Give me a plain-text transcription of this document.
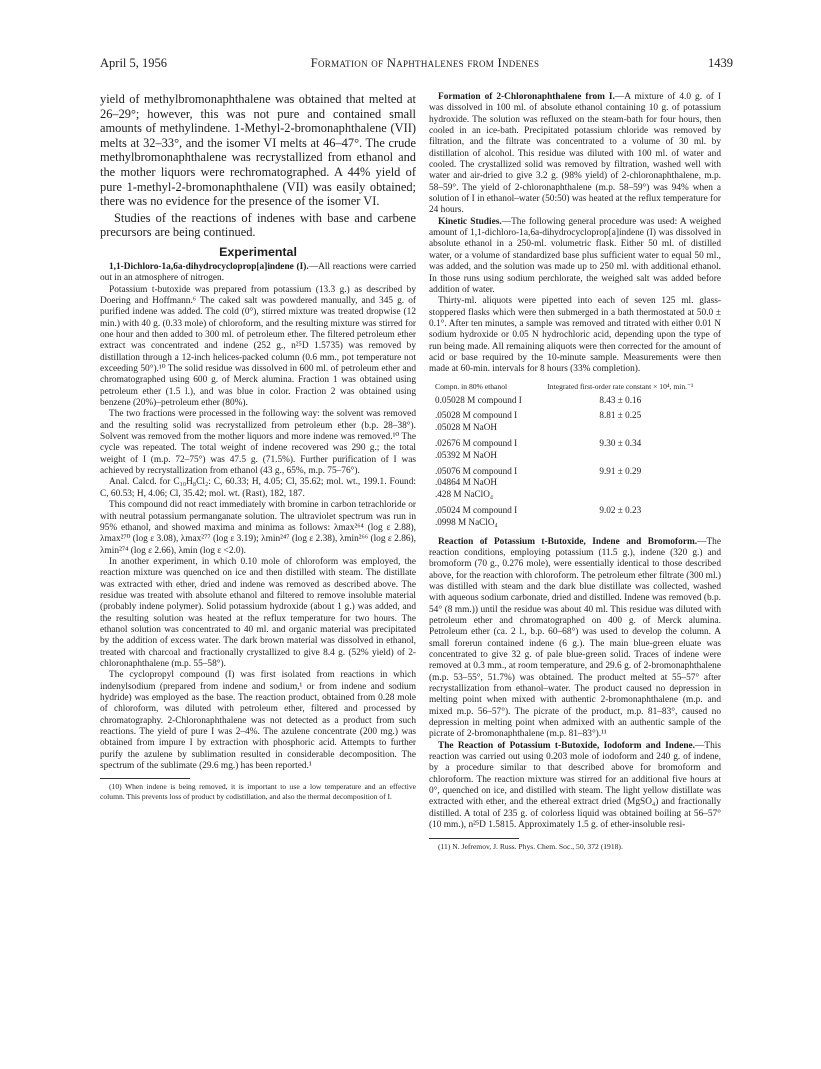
April 5, 1956	Formation of Naphthalenes from Indenes	1439

yield of methylbromonaphthalene was obtained that melted at 26–29°; however, this was not pure and contained small amounts of methylindene. 1-Methyl-2-bromonaphthalene (VII) melts at 32–33°, and the isomer VI melts at 46–47°. The crude methylbromonaphthalene was recrystallized from ethanol and the mother liquors were rechromatographed. A 44% yield of pure 1-methyl-2-bromonaphthalene (VII) was easily obtained; there was no evidence for the presence of the isomer VI.

Studies of the reactions of indenes with base and carbene precursors are being continued.

Experimental

1,1-Dichloro-1a,6a-dihydrocycloprop[a]indene (I).—All reactions were carried out in an atmosphere of nitrogen.

Potassium t-butoxide was prepared from potassium (13.3 g.) as described by Doering and Hoffmann.⁶ The caked salt was powdered manually, and 345 g. of purified indene was added. The cold (0°), stirred mixture was treated dropwise (12 min.) with 40 g. (0.33 mole) of chloroform, and the resulting mixture was stirred for one hour and then added to 300 ml. of petroleum ether. The filtered petroleum ether extract was concentrated and indene (252 g., n²⁵D 1.5735) was removed by distillation through a 12-inch helices-packed column (0.6 mm., pot temperature not exceeding 50°).¹⁰ The solid residue was dissolved in 600 ml. of petroleum ether and chromatographed using 600 g. of Merck alumina. Fraction 1 was obtained using petroleum ether (1.5 l.), and was blue in color. Fraction 2 was obtained using benzene (20%)–petroleum ether (80%).

The two fractions were processed in the following way: the solvent was removed and the resulting solid was recrystallized from petroleum ether (b.p. 28–38°). Solvent was removed from the mother liquors and more indene was removed.¹⁰ The cycle was repeated. The total weight of indene recovered was 290 g.; the total weight of I (m.p. 72–75°) was 47.5 g. (71.5%). Further purification of I was achieved by recrystallization from ethanol (43 g., 65%, m.p. 75–76°).

Anal. Calcd. for C₁₀H₈Cl₂: C, 60.33; H, 4.05; Cl, 35.62; mol. wt., 199.1. Found: C, 60.53; H, 4.06; Cl, 35.42; mol. wt. (Rast), 182, 187.

This compound did not react immediately with bromine in carbon tetrachloride or with neutral potassium permanganate solution. The ultraviolet spectrum was run in 95% ethanol, and showed maxima and minima as follows: λmax²⁶⁴ (log ε 2.88), λmax²⁷⁰ (log ε 3.08), λmax²⁷⁷ (log ε 3.19); λmin²⁴⁷ (log ε 2.38), λmin²⁶⁶ (log ε 2.86), λmin²⁷⁴ (log ε 2.66), λmin (log ε <2.0).

In another experiment, in which 0.10 mole of chloroform was employed, the reaction mixture was quenched on ice and then distilled with steam. The distillate was extracted with ether, dried and indene was removed as described above. The residue was treated with absolute ethanol and filtered to remove insoluble material (probably indene polymer). Solid potassium hydroxide (about 1 g.) was added, and the resulting solution was heated at the reflux temperature for two hours. The ethanol solution was concentrated to 40 ml. and organic material was precipitated by the addition of excess water. The dark brown material was dissolved in ethanol, treated with charcoal and fractionally crystallized to give 8.4 g. (52% yield) of 2-chloronaphthalene (m.p. 55–58°).

The cyclopropyl compound (I) was first isolated from reactions in which indenylsodium (prepared from indene and sodium,¹ or from indene and sodium hydride) was employed as the base. The reaction product, obtained from 0.28 mole of chloroform, was diluted with petroleum ether, filtered and processed by chromatography. 2-Chloronaphthalene was not detected as a product from such reactions. The yield of pure I was 2–4%. The azulene concentrate (200 mg.) was obtained from impure I by extraction with phosphoric acid. Attempts to further purify the azulene by sublimation resulted in considerable decomposition. The spectrum of the sublimate (29.6 mg.) has been reported.¹

(10) When indene is being removed, it is important to use a low temperature and an effective column. This prevents loss of product by codistillation, and also the thermal decomposition of I.

Formation of 2-Chloronaphthalene from I.—A mixture of 4.0 g. of I was dissolved in 100 ml. of absolute ethanol containing 10 g. of potassium hydroxide. The solution was refluxed on the steam-bath for four hours, then cooled in an ice-bath. Precipitated potassium chloride was removed by filtration, and the filtrate was concentrated to a volume of 30 ml. by distillation of alcohol. This residue was diluted with 100 ml. of water and cooled. The crystallized solid was removed by filtration, washed well with water and air-dried to give 3.2 g. (98% yield) of 2-chloronaphthalene, m.p. 58–59°. The yield of 2-chloronaphthalene (m.p. 58–59°) was 94% when a solution of I in ethanol–water (50:50) was heated at the reflux temperature for 24 hours.

Kinetic Studies.—The following general procedure was used: A weighed amount of 1,1-dichloro-1a,6a-dihydrocycloprop[a]indene (I) was dissolved in absolute ethanol in a 250-ml. volumetric flask. Either 50 ml. of distilled water, or a volume of standardized base plus sufficient water to equal 50 ml., was added, and the solution was made up to 250 ml. with additional ethanol. In those runs using sodium perchlorate, the weighed salt was added before addition of water.

Thirty-ml. aliquots were pipetted into each of seven 125 ml. glass-stoppered flasks which were then submerged in a bath thermostated at 50.0 ± 0.1°. After ten minutes, a sample was removed and titrated with either 0.01 N sodium hydroxide or 0.05 N hydrochloric acid, depending upon the type of run being made. All remaining aliquots were then corrected for the amount of acid or base required by the 10-minute sample. Measurements were then made at 60-min. intervals for 8 hours (33% completion).

Compn. in 80% ethanol	Integrated first-order rate constant × 10⁴, min.⁻¹
0.05028 M compound I	8.43 ± 0.16

.05028 M compound I	8.81 ± 0.25
.05028 M NaOH	

.02676 M compound I	9.30 ± 0.34
.05392 M NaOH	

.05076 M compound I	9.91 ± 0.29
.04864 M NaOH	
.428 M NaClO₄	

.05024 M compound I	9.02 ± 0.23
.0998 M NaClO₄	

Reaction of Potassium t-Butoxide, Indene and Bromoform.—The reaction conditions, employing potassium (11.5 g.), indene (320 g.) and bromoform (70 g., 0.276 mole), were essentially identical to those described above, for the reaction with chloroform. The petroleum ether filtrate (300 ml.) was distilled with steam and the dark blue distillate was collected, washed with aqueous sodium carbonate, dried and distilled. Indene was removed (b.p. 54° (8 mm.)) until the residue was about 40 ml. This residue was diluted with petroleum ether and chromatographed on 400 g. of Merck alumina. Petroleum ether (ca. 2 l., b.p. 60–68°) was used to develop the column. A small forerun contained indene (6 g.). The main blue-green eluate was concentrated to give 32 g. of pale blue-green solid. Traces of indene were removed at 0.3 mm., at room temperature, and 29.6 g. of 2-bromonaphthalene (m.p. 53–55°, 51.7%) was obtained. The product melted at 55–57° after recrystallization from ethanol–water. The product caused no depression in melting point when mixed with authentic 2-bromonaphthalene (m.p. and mixed m.p. 56–57°). The picrate of the product, m.p. 81–83°, caused no depression in melting point when admixed with an authentic sample of the picrate of 2-bromonaphthalene (m.p. 81–83°).¹¹

The Reaction of Potassium t-Butoxide, Iodoform and Indene.—This reaction was carried out using 0.203 mole of iodoform and 240 g. of indene, by a procedure similar to that described above for bromoform and chloroform. The reaction mixture was stirred for an additional five hours at 0°, quenched on ice, and distilled with steam. The light yellow distillate was extracted with ether, and the ethereal extract dried (MgSO₄) and fractionally distilled. A total of 235 g. of colorless liquid was obtained boiling at 56–57° (10 mm.), n²⁵D 1.5815. Approximately 1.5 g. of ether-insoluble resi-

(11) N. Jefremov, J. Russ. Phys. Chem. Soc., 50, 372 (1918).
